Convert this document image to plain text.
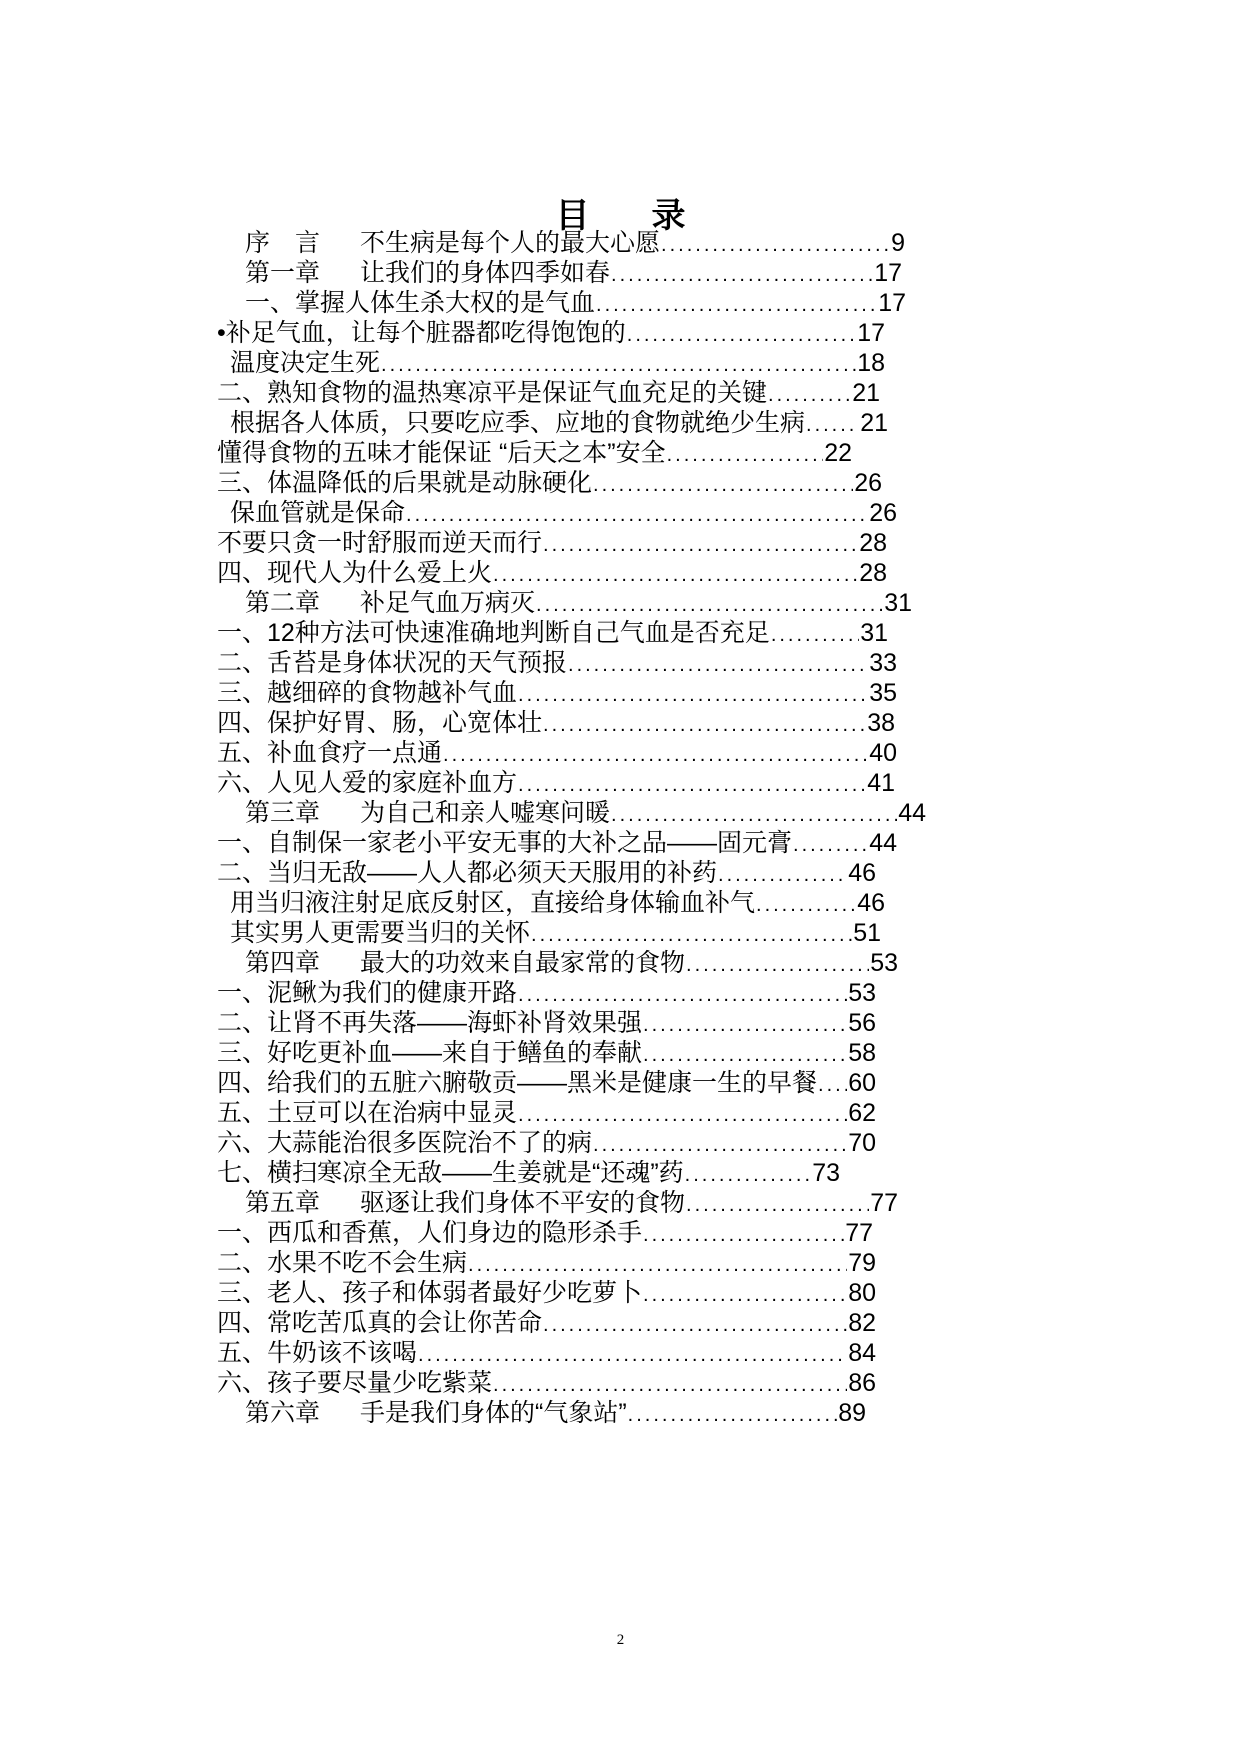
目 录
序　言 不生病是每个人的最大心愿 .....	9
第一章 让我们的身体四季如春 .....	17
一、掌握人体生杀大权的是气血 .....	17
•补足气血，让每个脏器都吃得饱饱的 .....	17
温度决定生死 .....	18
二、熟知食物的温热寒凉平是保证气血充足的关键 .....	21
根据各人体质，只要吃应季、应地的食物就绝少生病 ..... 21
懂得食物的五味才能保证 “后天之本”安全 .....	22
三、体温降低的后果就是动脉硬化 .....	26
保血管就是保命 .....	26
不要只贪一时舒服而逆天而行 .....	28
四、现代人为什么爱上火 .....	28
第二章 补足气血万病灭 .....	31
一、12种方法可快速准确地判断自己气血是否充足 .....	31
二、舌苔是身体状况的天气预报 .....	33
三、越细碎的食物越补气血 .....	35
四、保护好胃、肠，心宽体壮 .....	38
五、补血食疗一点通 .....	40
六、人见人爱的家庭补血方 .....	41
第三章 为自己和亲人嘘寒问暖 .....	44
一、自制保一家老小平安无事的大补之品——固元膏 .....	44
二、当归无敌——人人都必须天天服用的补药 .....	46
用当归液注射足底反射区，直接给身体输血补气 .....	46
其实男人更需要当归的关怀 .....	51
第四章 最大的功效来自最家常的食物 .....	53
一、泥鳅为我们的健康开路 .....	53
二、让肾不再失落——海虾补肾效果强 .....	56
三、好吃更补血——来自于鳝鱼的奉献 .....	58
四、给我们的五脏六腑敬贡——黑米是健康一生的早餐 ..... 60
五、土豆可以在治病中显灵 .....	62
六、大蒜能治很多医院治不了的病 .....	70
七、横扫寒凉全无敌——生姜就是“还魂”药 .....	73
第五章 驱逐让我们身体不平安的食物 .....	77
一、西瓜和香蕉，人们身边的隐形杀手 .....	77
二、水果不吃不会生病 .....	79
三、老人、孩子和体弱者最好少吃萝卜 .....	80
四、常吃苦瓜真的会让你苦命 .....	82
五、牛奶该不该喝 .....	84
六、孩子要尽量少吃紫菜 .....	86
第六章 手是我们身体的“气象站” .....	89
2
